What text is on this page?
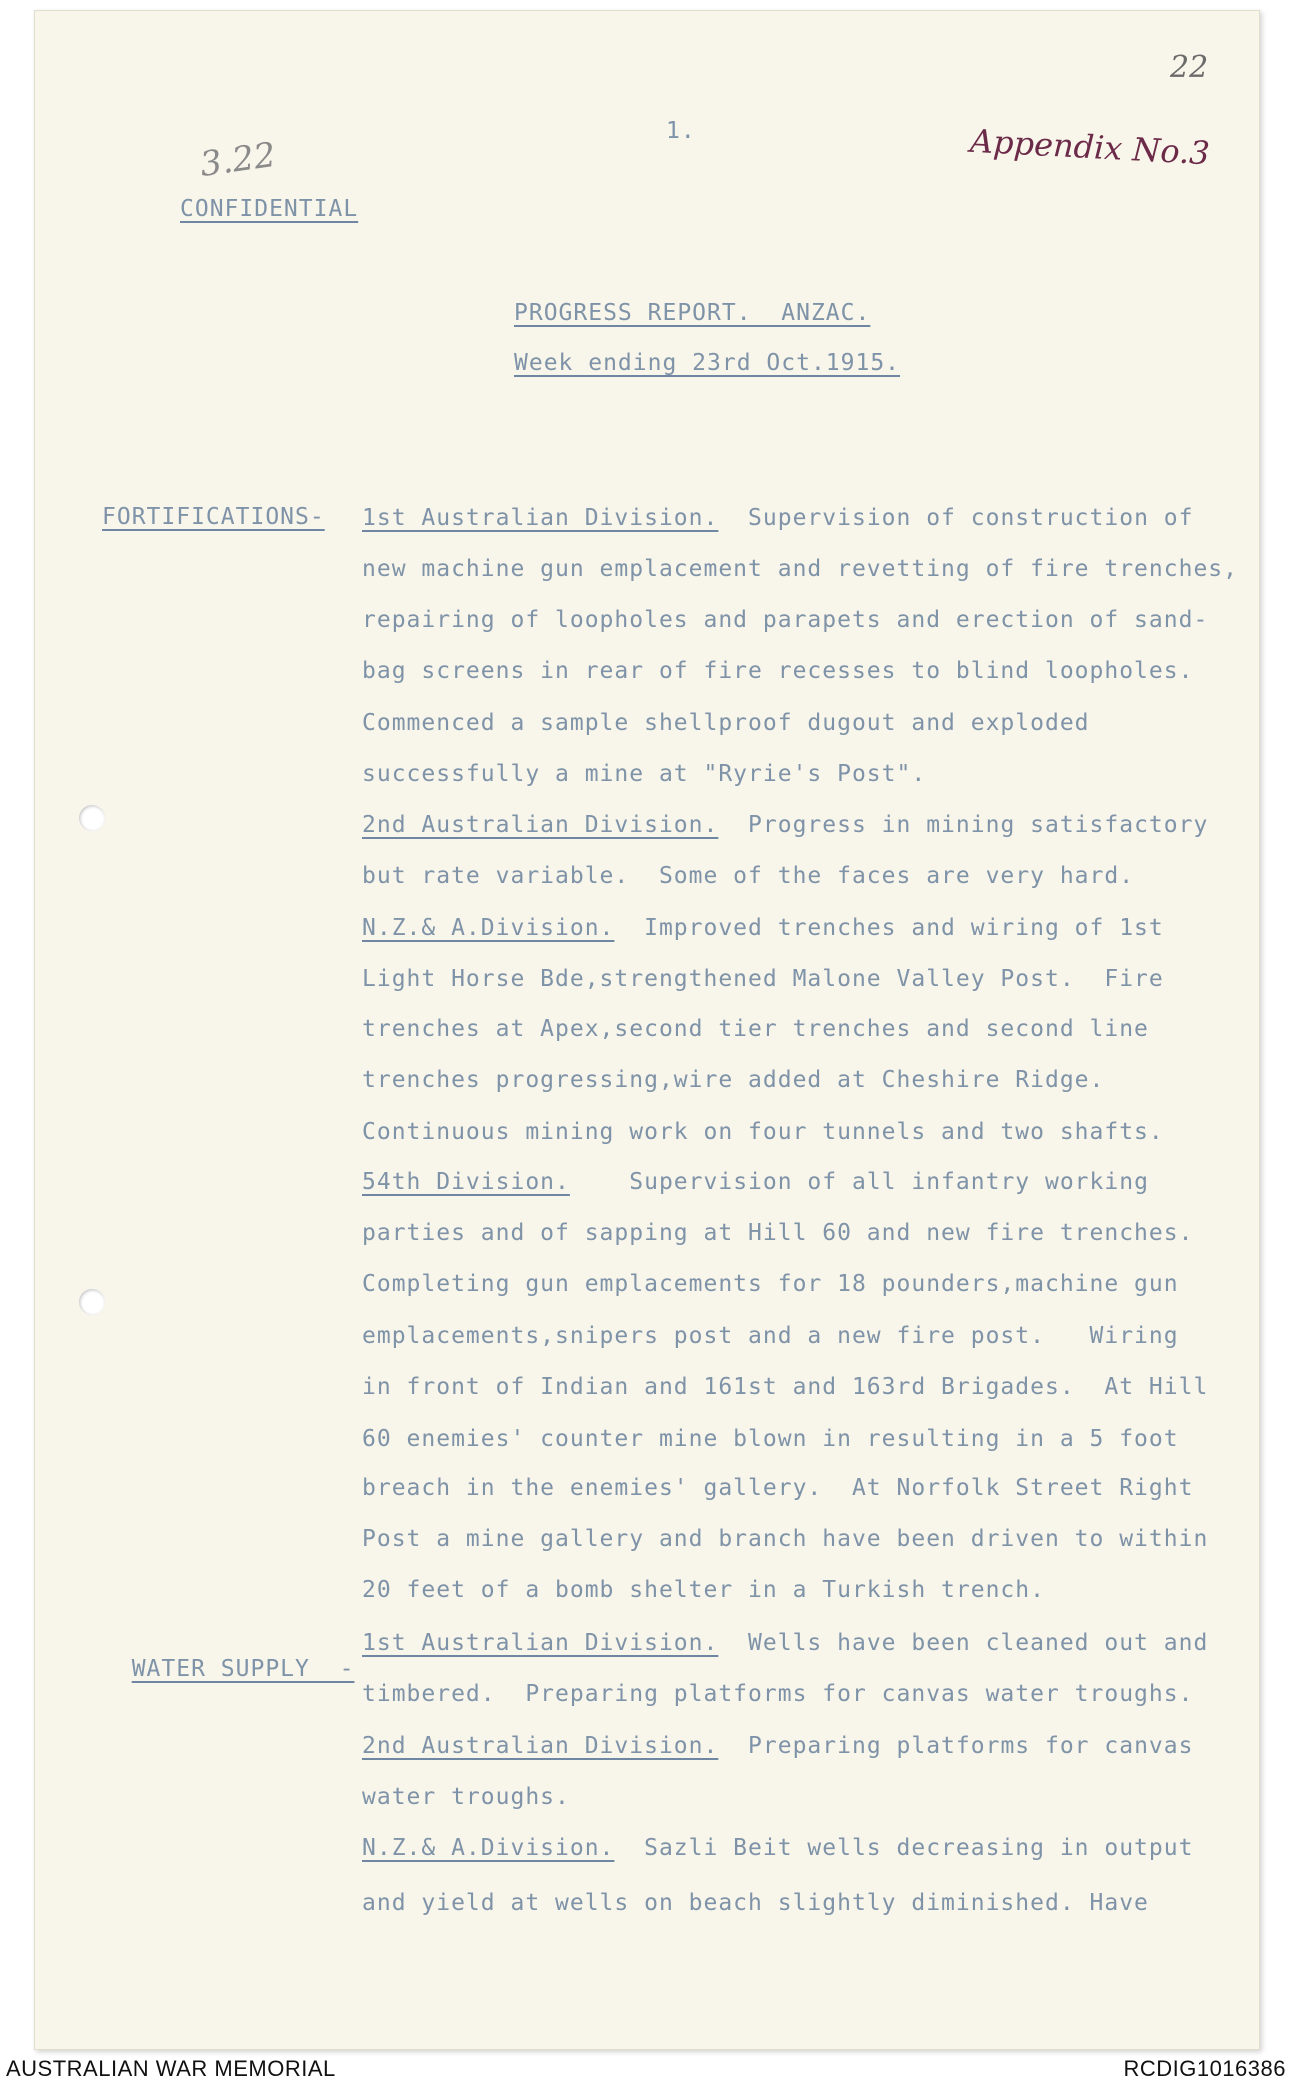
22
3.22
1.	Appendix No.3
CONFIDENTIAL
PROGRESS REPORT.  ANZAC.
Week ending 23rd Oct.1915.
FORTIFICATIONS-

WATER SUPPLY  -

1st Australian Division.  Supervision of construction of
new machine gun emplacement and revetting of fire trenches,
repairing of loopholes and parapets and erection of sand-
bag screens in rear of fire recesses to blind loopholes.
Commenced a sample shellproof dugout and exploded
successfully a mine at "Ryrie's Post".
2nd Australian Division.  Progress in mining satisfactory
but rate variable.  Some of the faces are very hard.
N.Z.& A.Division.  Improved trenches and wiring of 1st
Light Horse Bde,strengthened Malone Valley Post.  Fire
trenches at Apex,second tier trenches and second line
trenches progressing,wire added at Cheshire Ridge.
Continuous mining work on four tunnels and two shafts.
54th Division.    Supervision of all infantry working
parties and of sapping at Hill 60 and new fire trenches.
Completing gun emplacements for 18 pounders,machine gun
emplacements,snipers post and a new fire post.   Wiring
in front of Indian and 161st and 163rd Brigades.  At Hill
60 enemies' counter mine blown in resulting in a 5 foot
breach in the enemies' gallery.  At Norfolk Street Right
Post a mine gallery and branch have been driven to within
20 feet of a bomb shelter in a Turkish trench.
1st Australian Division.  Wells have been cleaned out and
timbered.  Preparing platforms for canvas water troughs.
2nd Australian Division.  Preparing platforms for canvas
water troughs.
N.Z.& A.Division.  Sazli Beit wells decreasing in output
and yield at wells on beach slightly diminished. Have
AUSTRALIAN WAR MEMORIAL	RCDIG1016386
